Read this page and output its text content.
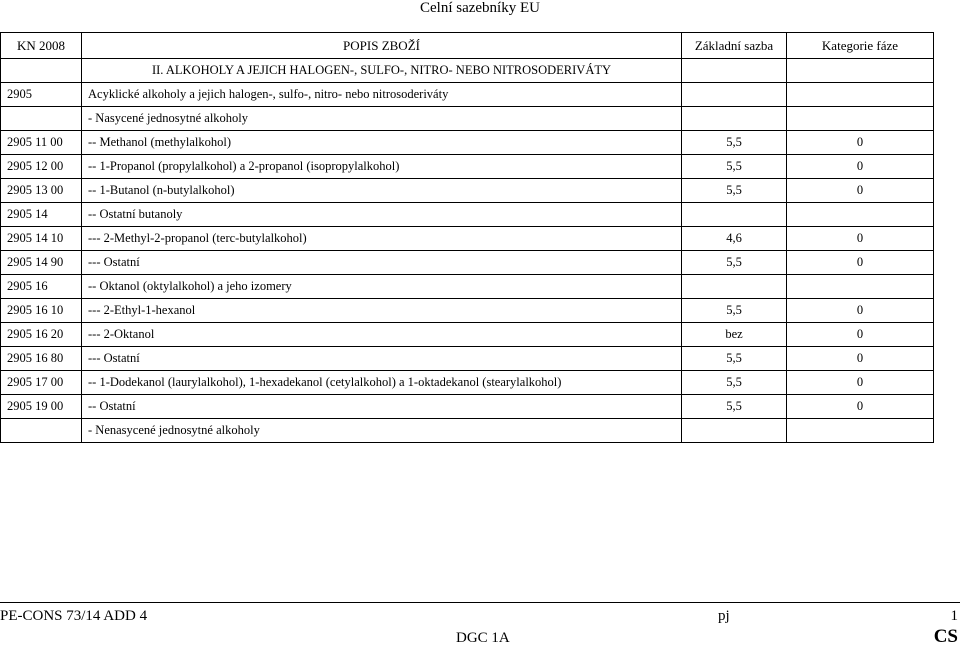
Celní sazebníky EU
KN 2008	POPIS ZBOŽÍ	Základní sazba	Kategorie fáze
	II. ALKOHOLY A JEJICH HALOGEN-, SULFO-, NITRO- NEBO NITROSODERIVÁTY		
2905	Acyklické alkoholy a jejich halogen-, sulfo-, nitro- nebo nitrosoderiváty		
	- Nasycené jednosytné alkoholy		
2905 11 00	-- Methanol (methylalkohol)	5,5	0
2905 12 00	-- 1-Propanol (propylalkohol) a 2-propanol (isopropylalkohol)	5,5	0
2905 13 00	-- 1-Butanol (n-butylalkohol)	5,5	0
2905 14	-- Ostatní butanoly		
2905 14 10	--- 2-Methyl-2-propanol (terc-butylalkohol)	4,6	0
2905 14 90	--- Ostatní	5,5	0
2905 16	-- Oktanol (oktylalkohol) a jeho izomery		
2905 16 10	--- 2-Ethyl-1-hexanol	5,5	0
2905 16 20	--- 2-Oktanol	bez	0
2905 16 80	--- Ostatní	5,5	0
2905 17 00	-- 1-Dodekanol (laurylalkohol), 1-hexadekanol (cetylalkohol) a 1-oktadekanol (stearylalkohol)	5,5	0
2905 19 00	-- Ostatní	5,5	0
	- Nenasycené jednosytné alkoholy		
PE-CONS 73/14 ADD 4	pj	1
DGC 1A	CS
